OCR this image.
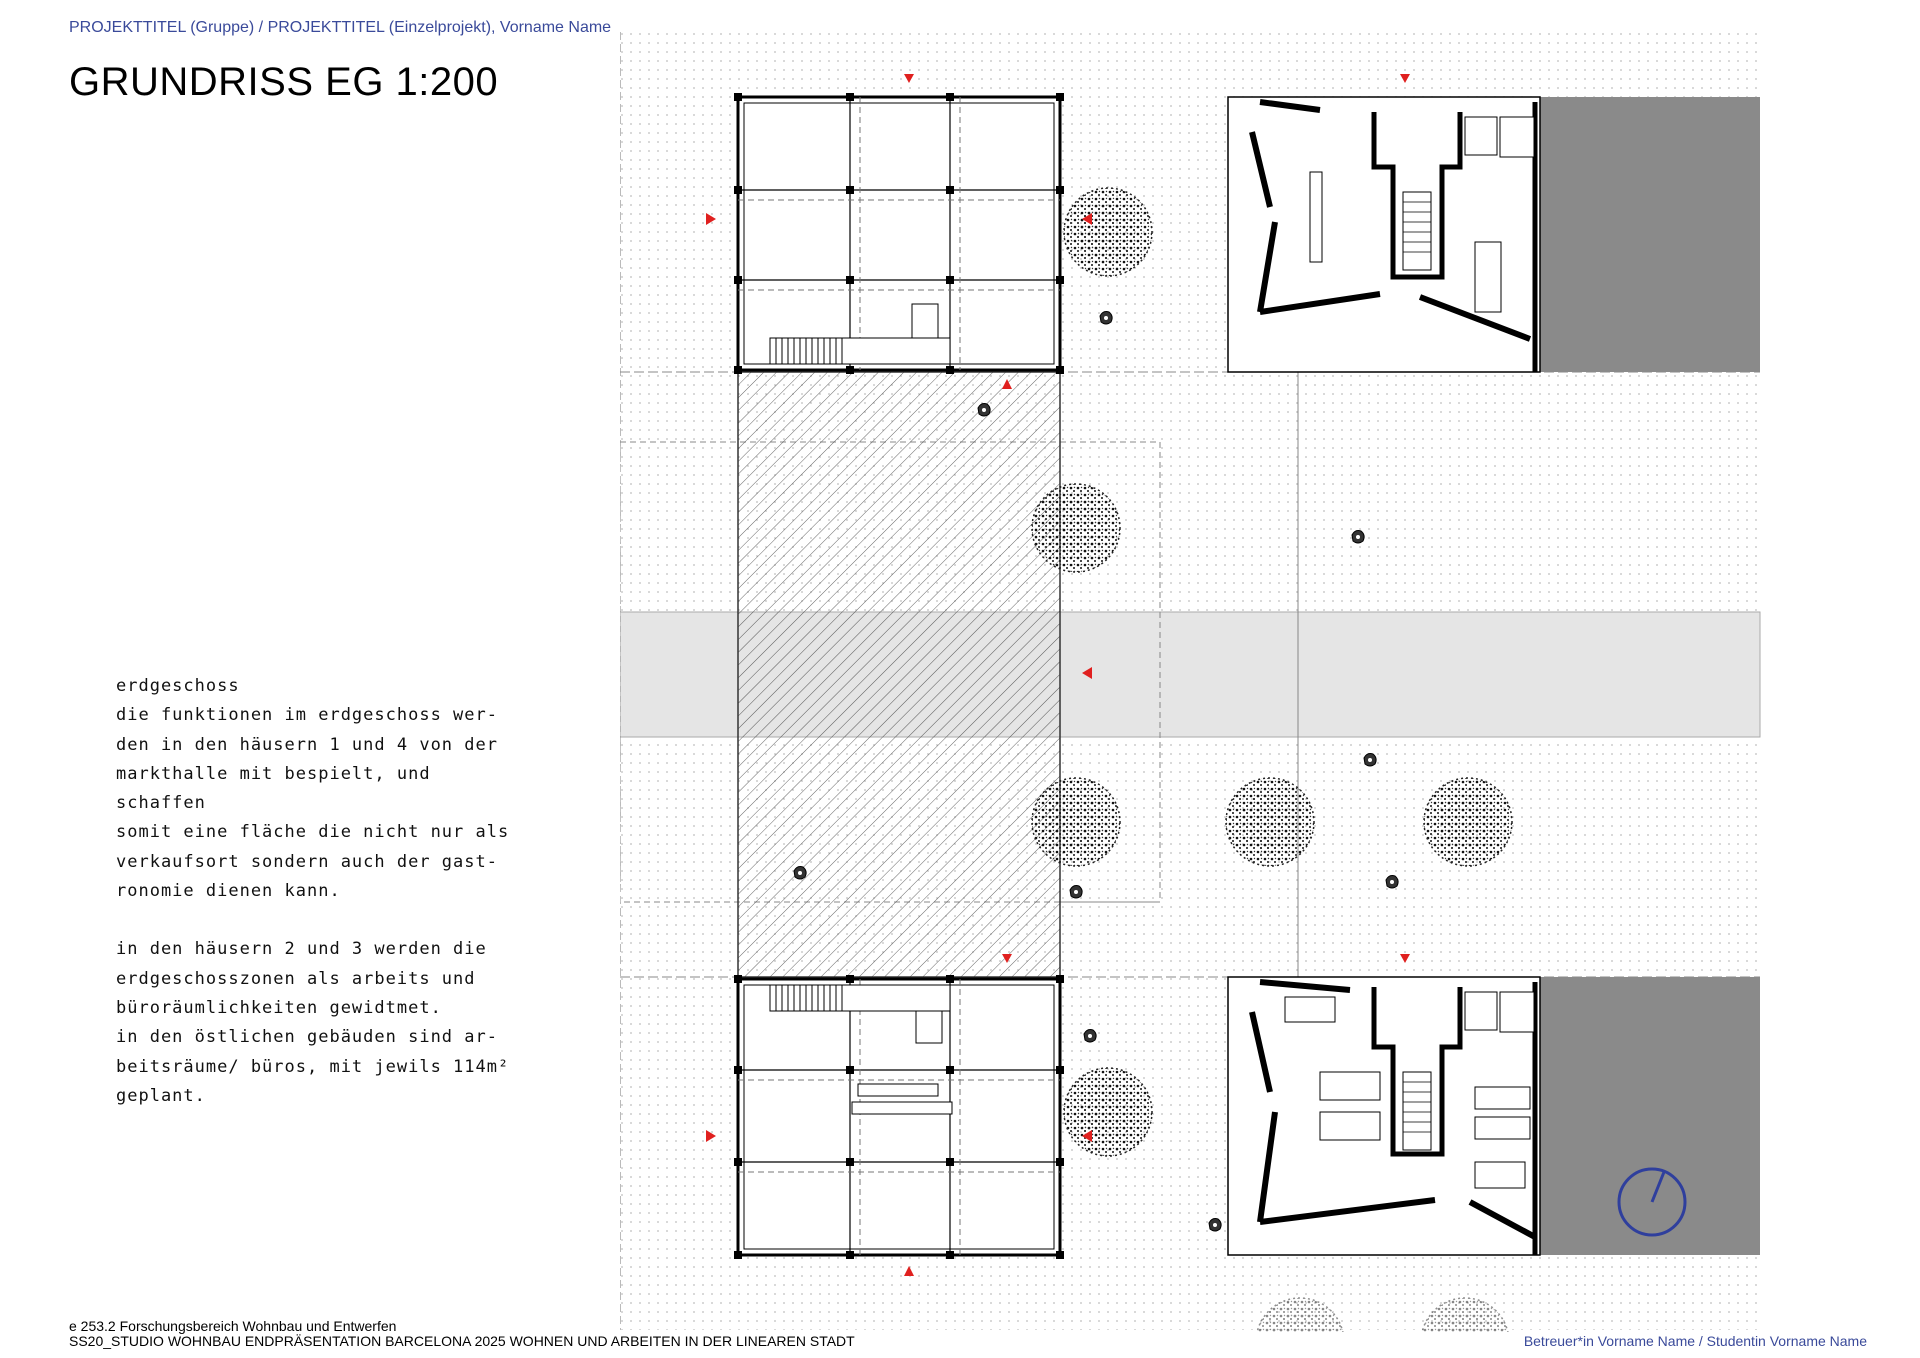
PROJEKTTITEL (Gruppe) / PROJEKTTITEL (Einzelprojekt), Vorname Name
GRUNDRISS EG 1:200

erdgeschoss

die funktionen im erdgeschoss wer-

den in den häusern 1 und 4 von der

markthalle mit bespielt, und schaffen

somit eine fläche die nicht nur als

verkaufsort sondern auch der gast-

ronomie dienen kann.

in den häusern 2 und 3 werden die

erdgeschosszonen als arbeits und

büroräumlichkeiten gewidtmet.

in den östlichen gebäuden sind ar-

beitsräume/ büros, mit jewils 114m²

geplant.

e 253.2 Forschungsbereich Wohnbau und Entwerfen
SS20_STUDIO WOHNBAU ENDPRÄSENTATION BARCELONA 2025 WOHNEN UND ARBEITEN IN DER LINEAREN STADT	Betreuer*in Vorname Name / Studentin Vorname Name
